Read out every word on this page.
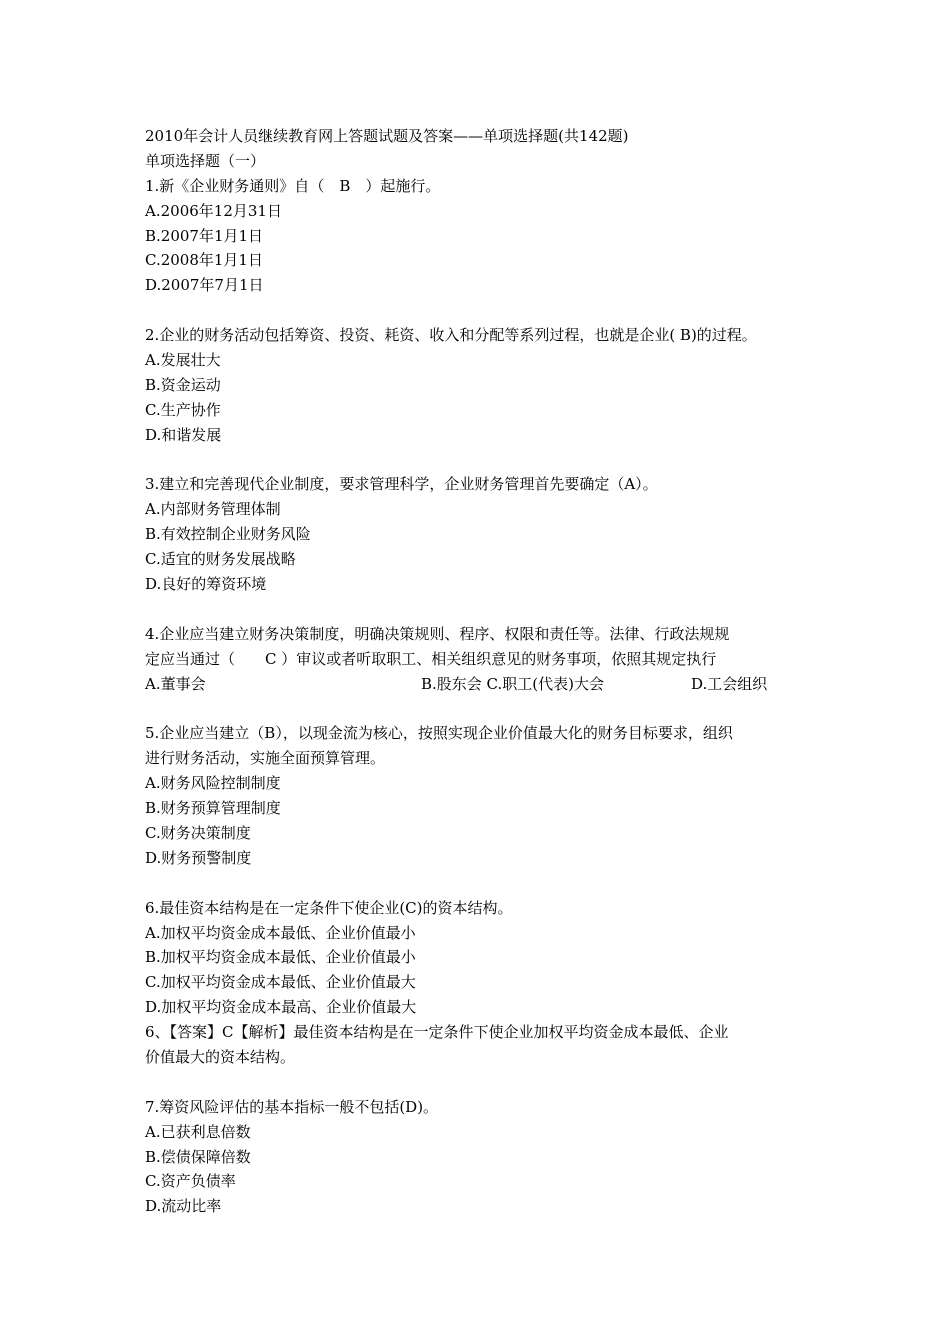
2010年会计人员继续教育网上答题试题及答案——单项选择题(共142题)
单项选择题（一）
1.新《企业财务通则》自（　B　）起施行。
A.2006年12月31日
B.2007年1月1日
C.2008年1月1日
D.2007年7月1日
2.企业的财务活动包括筹资、投资、耗资、收入和分配等系列过程，也就是企业( B)的过程。
A.发展壮大
B.资金运动
C.生产协作
D.和谐发展
3.建立和完善现代企业制度，要求管理科学，企业财务管理首先要确定（A）。
A.内部财务管理体制
B.有效控制企业财务风险
C.适宜的财务发展战略
D.良好的筹资环境
4.企业应当建立财务决策制度，明确决策规则、程序、权限和责任等。法律、行政法规规
定应当通过（　　C ）审议或者听取职工、相关组织意见的财务事项，依照其规定执行
A.董事会	B.股东会 C.职工(代表)大会	D.工会组织
5.企业应当建立（B），以现金流为核心，按照实现企业价值最大化的财务目标要求，组织
进行财务活动，实施全面预算管理。
A.财务风险控制制度
B.财务预算管理制度
C.财务决策制度
D.财务预警制度
6.最佳资本结构是在一定条件下使企业(C)的资本结构。
A.加权平均资金成本最低、企业价值最小
B.加权平均资金成本最低、企业价值最小
C.加权平均资金成本最低、企业价值最大
D.加权平均资金成本最高、企业价值最大
6、【答案】C【解析】最佳资本结构是在一定条件下使企业加权平均资金成本最低、企业
价值最大的资本结构。
7.筹资风险评估的基本指标一般不包括(D)。
A.已获利息倍数
B.偿债保障倍数
C.资产负债率
D.流动比率
